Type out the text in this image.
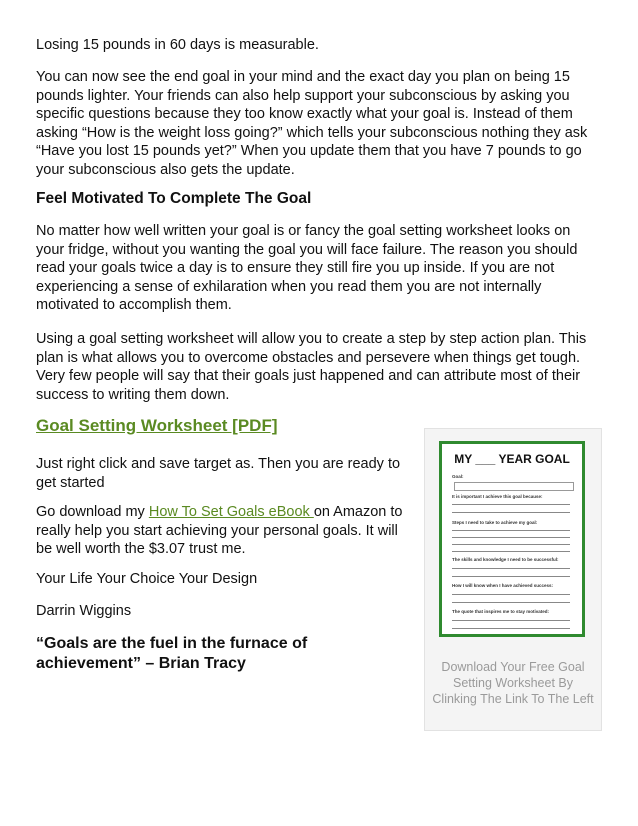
Losing 15 pounds in 60 days is measurable.

You can now see the end goal in your mind and the exact day you plan on being 15 pounds lighter. Your friends can also help support your subconscious by asking you specific questions because they too know exactly what your goal is. Instead of them asking “How is the weight loss going?” which tells your subconscious nothing they ask “Have you lost 15 pounds yet?” When you update them that you have 7 pounds to go your subconscious also gets the update.

Feel Motivated To Complete The Goal

No matter how well written your goal is or fancy the goal setting worksheet looks on your fridge, without you wanting the goal you will face failure. The reason you should read your goals twice a day is to ensure they still fire you up inside. If you are not experiencing a sense of exhilaration when you read them you are not internally motivated to accomplish them.

Using a goal setting worksheet will allow you to create a step by step action plan. This plan is what allows you to overcome obstacles and persevere when things get tough. Very few people will say that their goals just happened and can attribute most of their success to writing them down.

Goal Setting Worksheet [PDF]

Just right click and save target as. Then you are ready to get started

Go download my How To Set Goals eBook on Amazon to really help you start achieving your personal goals. It will be well worth the $3.07 trust me.

Your Life Your Choice Your Design

Darrin Wiggins

“Goals are the fuel in the furnace of achievement” – Brian Tracy
MY ___ YEAR GOAL
Goal:
It is important I achieve this goal because:
Steps I need to take to achieve my goal:
The skills and knowledge I need to be successful:
How I will know when I have achieved success:
The quote that inspires me to stay motivated:

Download Your Free Goal Setting Worksheet By Clinking The Link To The Left
